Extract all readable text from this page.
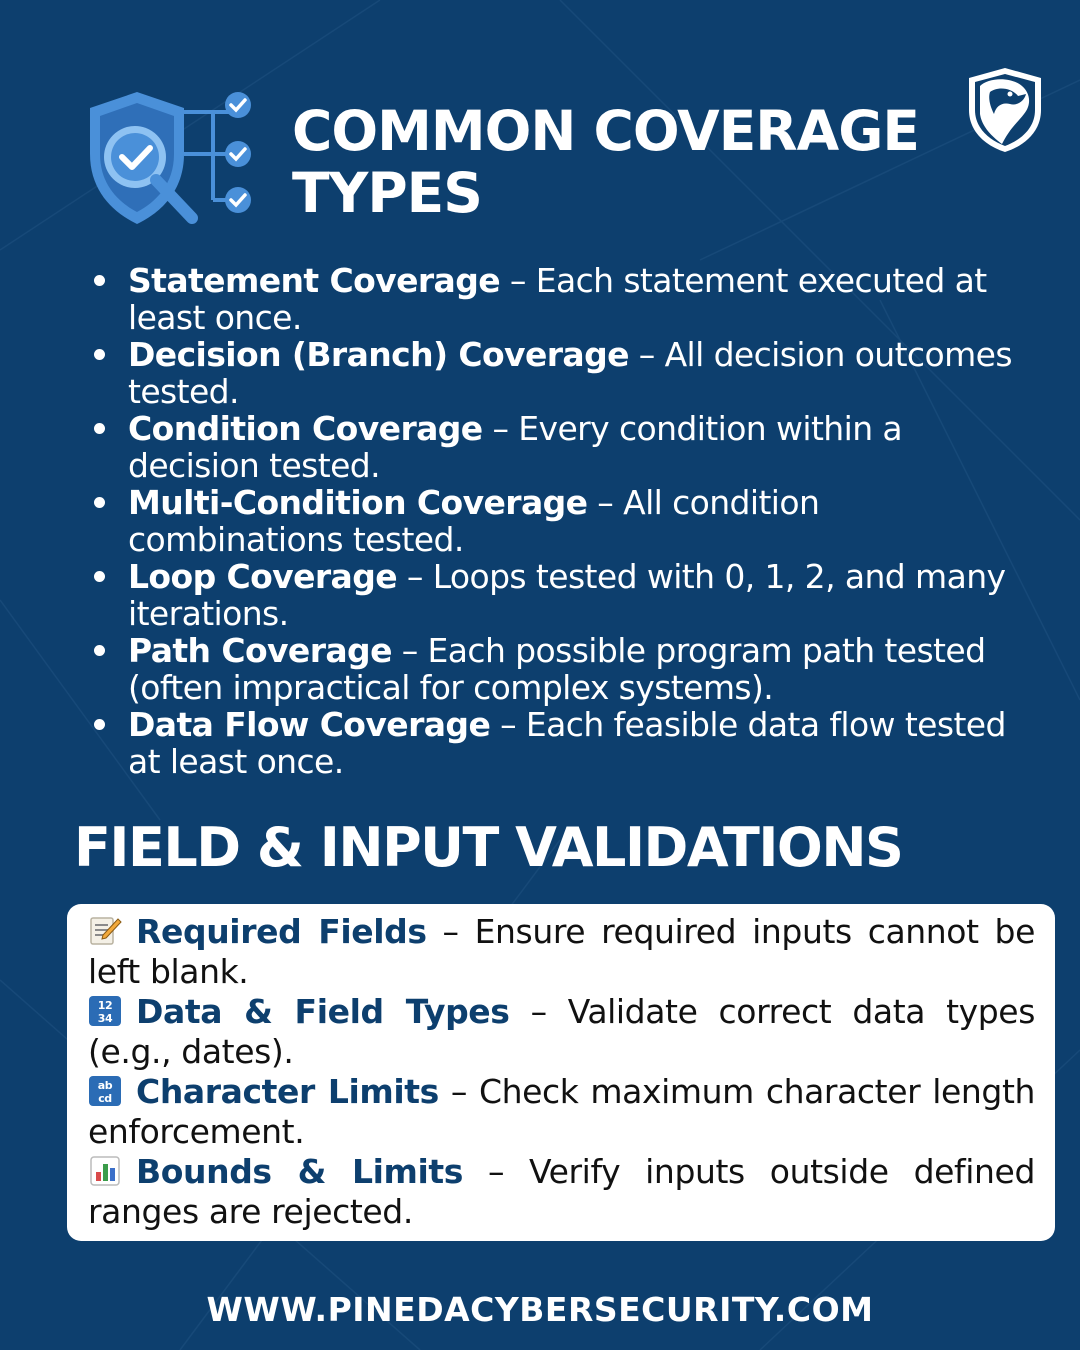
COMMON COVERAGE TYPES
Statement Coverage – Each statement executed at least once.
Decision (Branch) Coverage – All decision outcomes tested.
Condition Coverage – Every condition within a decision tested.
Multi-Condition Coverage – All condition combinations tested.
Loop Coverage – Loops tested with 0, 1, 2, and many iterations.
Path Coverage – Each possible program path tested (often impractical for complex systems).
Data Flow Coverage – Each feasible data flow tested at least once.
FIELD & INPUT VALIDATIONS
Required Fields – Ensure required inputs cannot be left blank.
12
34 Data & Field Types – Validate correct data types (e.g., dates).
ab
cd Character Limits – Check maximum character length enforcement.
Bounds & Limits – Verify inputs outside defined ranges are rejected.
WWW.PINEDACYBERSECURITY.COM
